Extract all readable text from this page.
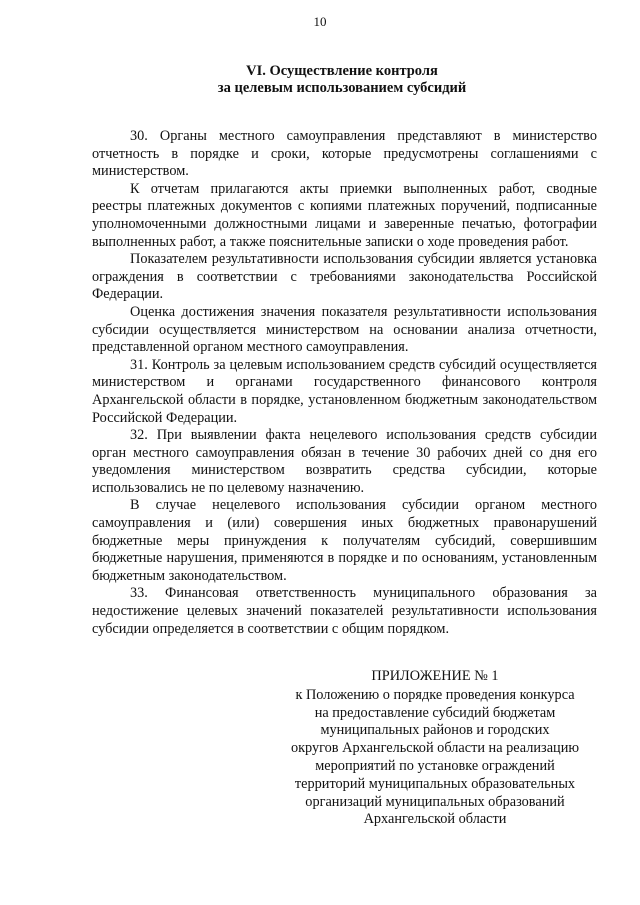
10
VI. Осуществление контроля
за целевым использованием субсидий

30. Органы местного самоуправления представляют в министерство отчетность в порядке и сроки, которые предусмотрены соглашениями с министерством.

К отчетам прилагаются акты приемки выполненных работ, сводные реестры платежных документов с копиями платежных поручений, подписанные уполномоченными должностными лицами и заверенные печатью, фотографии выполненных работ, а также пояснительные записки о ходе проведения работ.

Показателем результативности использования субсидии является установка ограждения в соответствии с требованиями законодательства Российской Федерации.

Оценка достижения значения показателя результативности использования субсидии осуществляется министерством на основании анализа отчетности, представленной органом местного самоуправления.

31. Контроль за целевым использованием средств субсидий осуществляется министерством и органами государственного финансового контроля Архангельской области в порядке, установленном бюджетным законодательством Российской Федерации.

32. При выявлении факта нецелевого использования средств субсидии орган местного самоуправления обязан в течение 30 рабочих дней со дня его уведомления министерством возвратить средства субсидии, которые использовались не по целевому назначению.

В случае нецелевого использования субсидии органом местного самоуправления и (или) совершения иных бюджетных правонарушений бюджетные меры принуждения к получателям субсидий, совершившим бюджетные нарушения, применяются в порядке и по основаниям, установленным бюджетным законодательством.

33. Финансовая ответственность муниципального образования за недостижение целевых значений показателей результативности использования субсидии определяется в соответствии с общим порядком.

ПРИЛОЖЕНИЕ № 1
к Положению о порядке проведения конкурса
на предоставление субсидий бюджетам
муниципальных районов и городских
округов Архангельской области на реализацию
мероприятий по установке ограждений
территорий муниципальных образовательных
организаций муниципальных образований
Архангельской области
